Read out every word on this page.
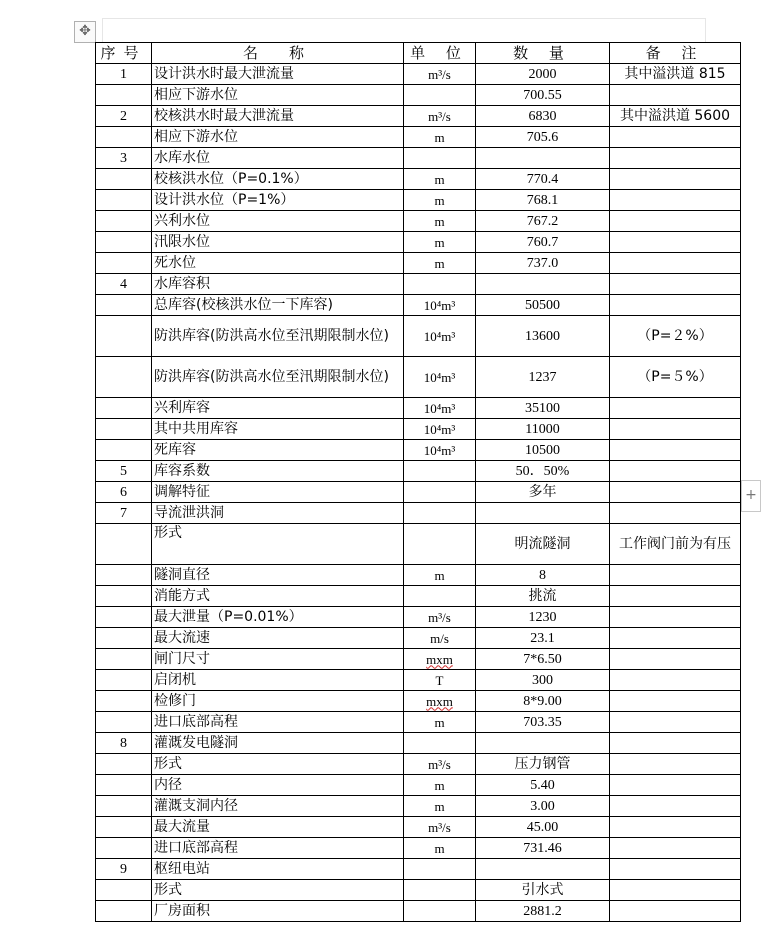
✥
+
序号	名　称	单 位	数 量	备 注
1	设计洪水时最大泄流量	m³/s	2000	其中溢洪道 815
	相应下游水位		700.55	
2	校核洪水时最大泄流量	m³/s	6830	其中溢洪道 5600
	相应下游水位	m	705.6	
3	水库水位			
	校核洪水位（P=0.1%）	m	770.4	
	设计洪水位（P=1%）	m	768.1	
	兴利水位	m	767.2	
	汛限水位	m	760.7	
	死水位	m	737.0	
4	水库容积			
	总库容(校核洪水位一下库容)	10⁴m³	50500	
	防洪库容(防洪高水位至汛期限制水位)	10⁴m³	13600	（P=２%）
	防洪库容(防洪高水位至汛期限制水位)	10⁴m³	1237	（P=５%）
	兴利库容	10⁴m³	35100	
	其中共用库容	10⁴m³	11000	
	死库容	10⁴m³	10500	
5	库容系数		50．50%	
6	调解特征		多年	
7	导流泄洪洞			
	形式		明流隧洞	工作阀门前为有压
	隧洞直径	m	8	
	消能方式		挑流	
	最大泄量（P=0.01%）	m³/s	1230	
	最大流速	m/s	23.1	
	闸门尺寸	mxm	7*6.50	
	启闭机	T	300	
	检修门	mxm	8*9.00	
	进口底部高程	m	703.35	
8	灌溉发电隧洞			
	形式	m³/s	压力钢管	
	内径	m	5.40	
	灌溉支洞内径	m	3.00	
	最大流量	m³/s	45.00	
	进口底部高程	m	731.46	
9	枢纽电站			
	形式		引水式	
	厂房面积		2881.2	
